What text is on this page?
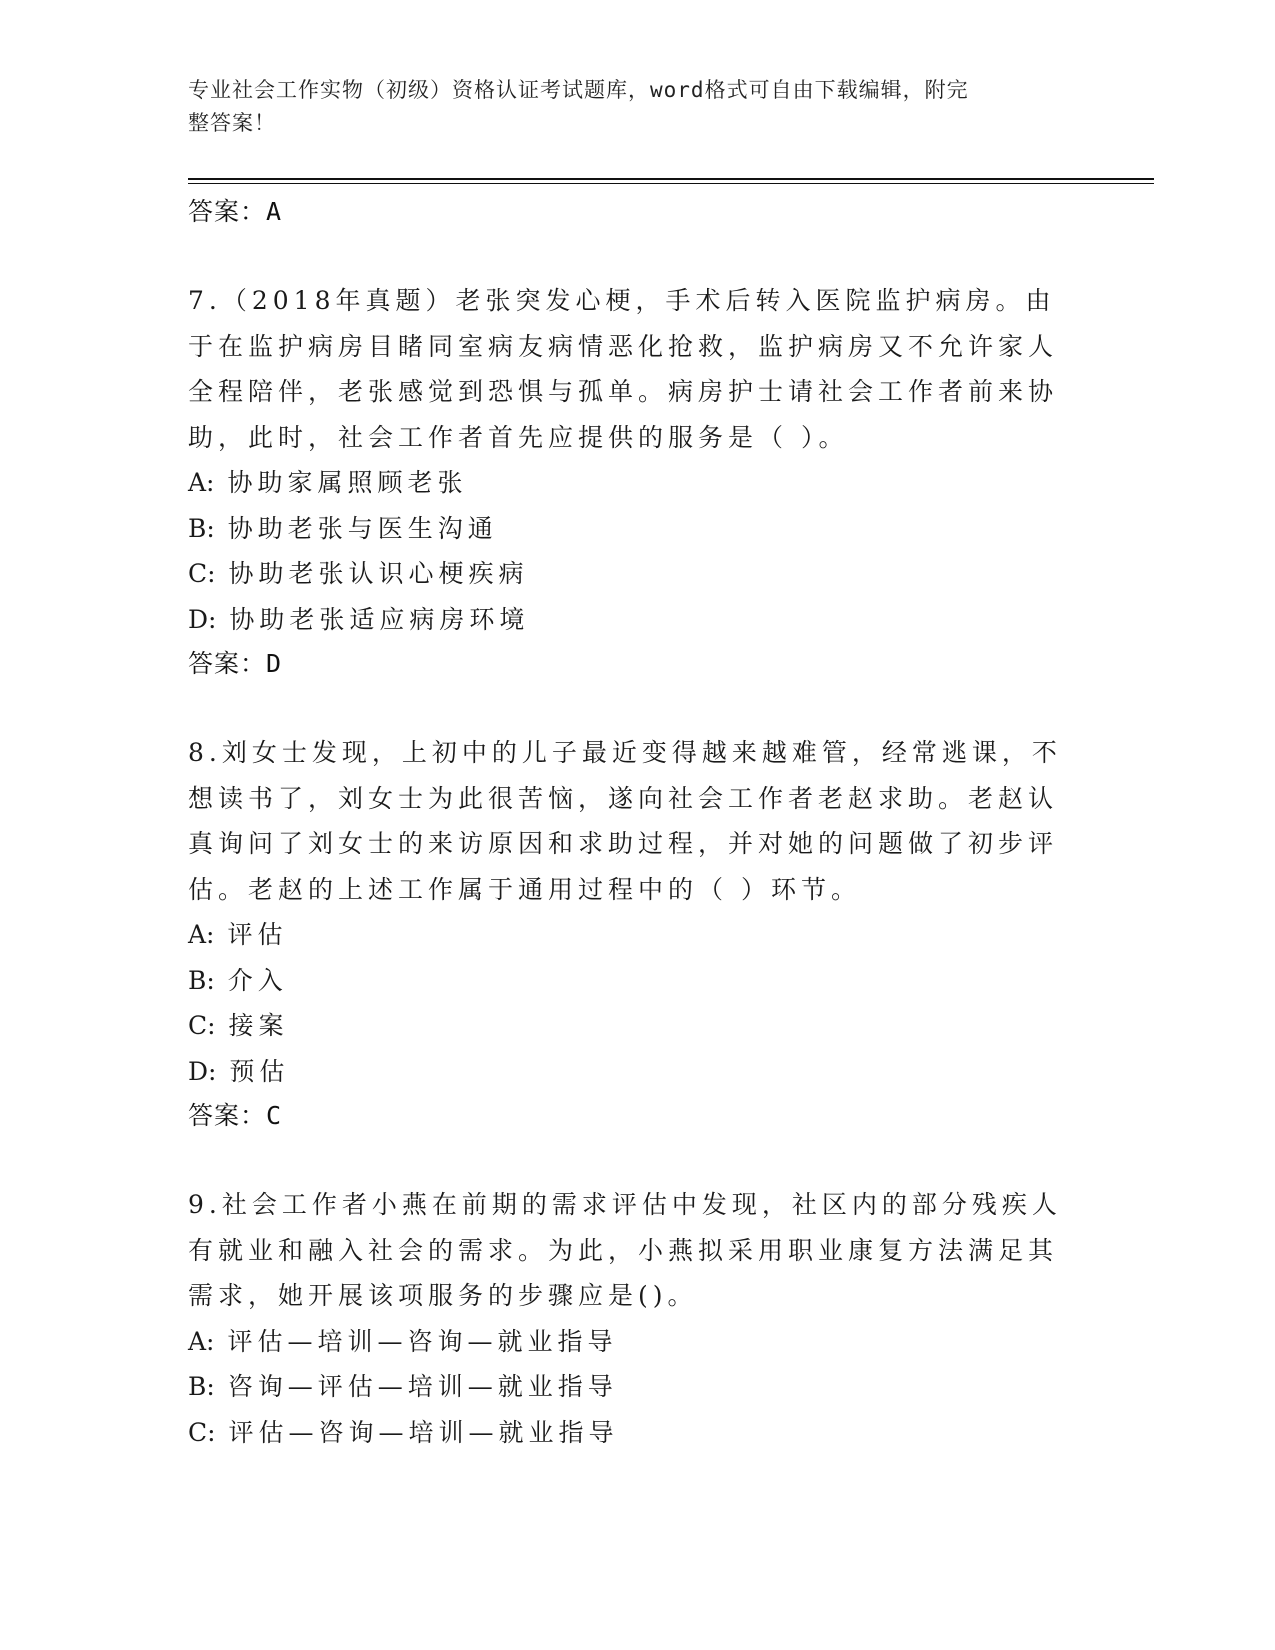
专业社会工作实物（初级）资格认证考试题库，word格式可自由下载编辑，附完
整答案！
答案：A
7.（2018年真题）老张突发心梗，手术后转入医院监护病房。由于在监护病房目睹同室病友病情恶化抢救，监护病房又不允许家人全程陪伴，老张感觉到恐惧与孤单。病房护士请社会工作者前来协助，此时，社会工作者首先应提供的服务是（ ）。
A: 协助家属照顾老张
B: 协助老张与医生沟通
C: 协助老张认识心梗疾病
D: 协助老张适应病房环境
答案：D
8.刘女士发现，上初中的儿子最近变得越来越难管，经常逃课，不想读书了，刘女士为此很苦恼，遂向社会工作者老赵求助。老赵认真询问了刘女士的来访原因和求助过程，并对她的问题做了初步评估。老赵的上述工作属于通用过程中的（ ）环节。
A: 评估
B: 介入
C: 接案
D: 预估
答案：C
9.社会工作者小燕在前期的需求评估中发现，社区内的部分残疾人有就业和融入社会的需求。为此，小燕拟采用职业康复方法满足其需求，她开展该项服务的步骤应是()。
A: 评估—培训—咨询—就业指导
B: 咨询—评估—培训—就业指导
C: 评估—咨询—培训—就业指导
